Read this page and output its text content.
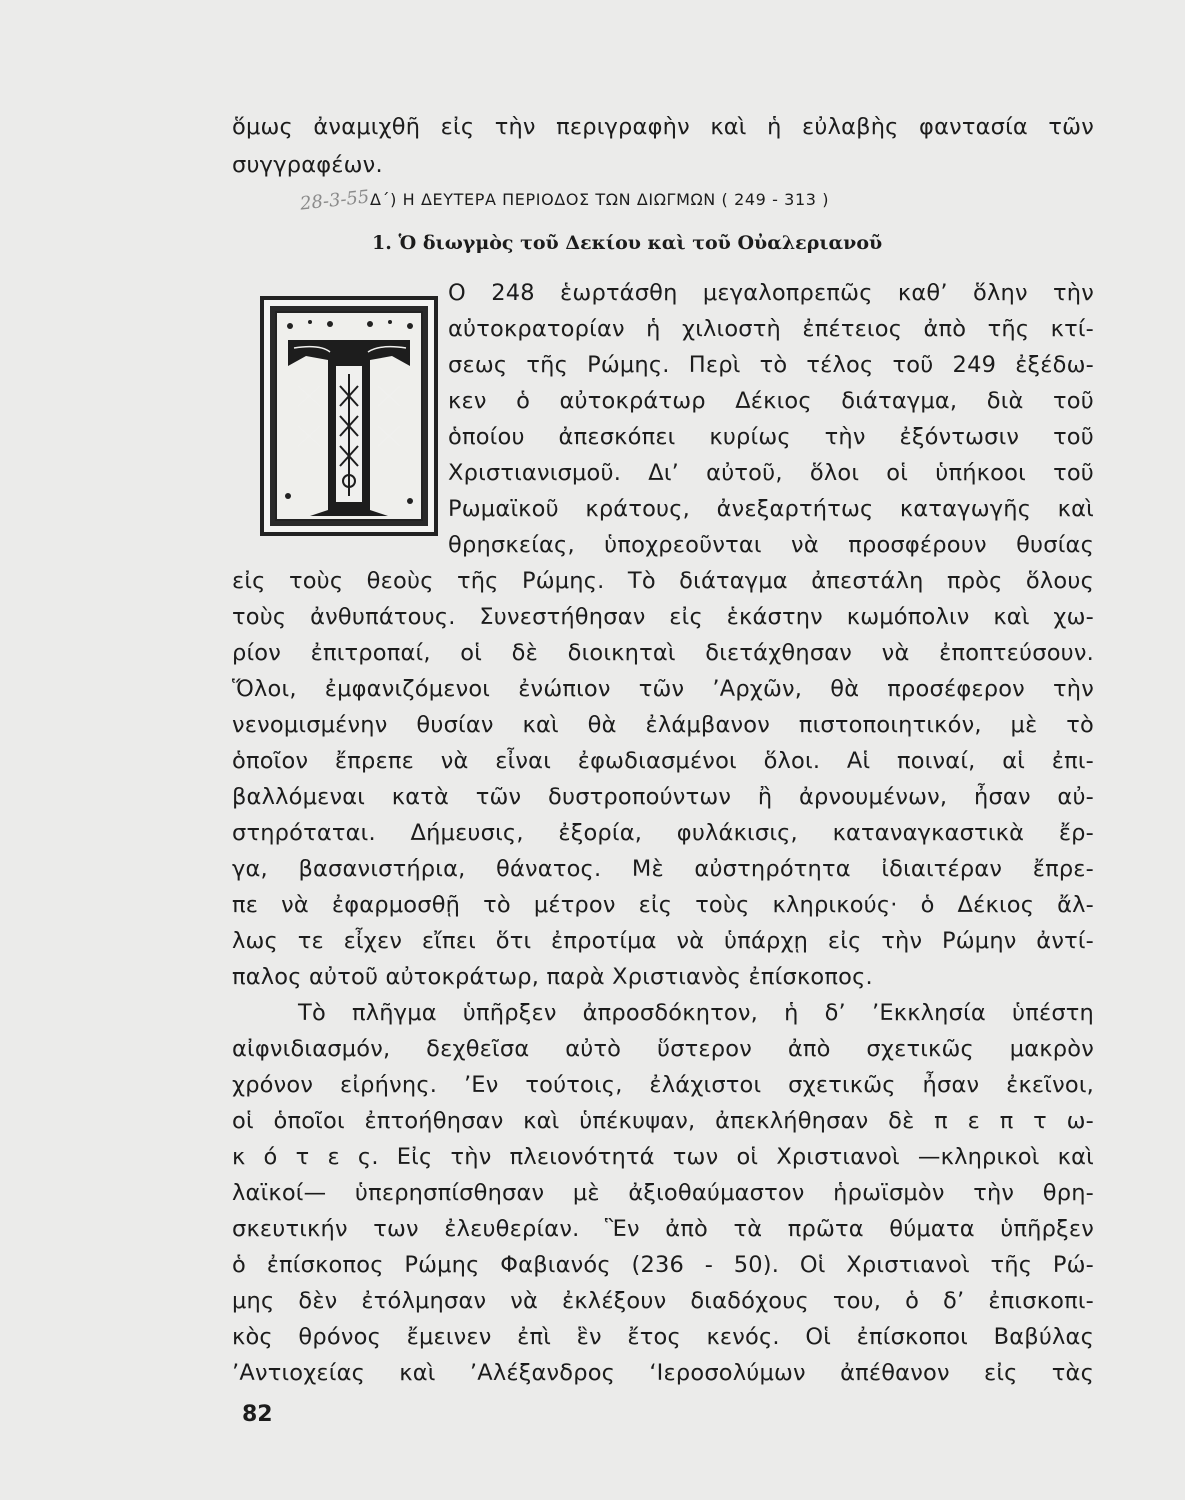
ὅμως ἀναμιχθῆ εἰς τὴν περιγραφὴν καὶ ἡ εὐλαβὴς φαντασία τῶν
συγγραφέων.
28-3-55 Δ΄) Η ΔΕΥΤΕΡΑ ΠΕΡΙΟΔΟΣ ΤΩΝ ΔΙΩΓΜΩΝ ( 249 - 313 )
1. Ὁ διωγμὸς τοῦ Δεκίου καὶ τοῦ Οὐαλεριανοῦ
Ο 248 ἑωρτάσθη μεγαλοπρεπῶς καθ’ ὅλην τὴν
αὐτοκρατορίαν ἡ χιλιοστὴ ἐπέτειος ἀπὸ τῆς κτί-
σεως τῆς Ρώμης. Περὶ τὸ τέλος τοῦ 249 ἐξέδω-
κεν ὁ αὐτοκράτωρ Δέκιος διάταγμα, διὰ τοῦ
ὁποίου ἀπεσκόπει κυρίως τὴν ἐξόντωσιν τοῦ
Χριστιανισμοῦ. Δι’ αὐτοῦ, ὅλοι οἱ ὑπήκοοι τοῦ
Ρωμαϊκοῦ κράτους, ἀνεξαρτήτως καταγωγῆς καὶ
θρησκείας, ὑποχρεοῦνται νὰ προσφέρουν θυσίας
εἰς τοὺς θεοὺς τῆς Ρώμης. Τὸ διάταγμα ἀπεστάλη πρὸς ὅλους
τοὺς ἀνθυπάτους. Συνεστήθησαν εἰς ἑκάστην κωμόπολιν καὶ χω-
ρίον ἐπιτροπαί, οἱ δὲ διοικηταὶ διετάχθησαν νὰ ἐποπτεύσουν.
Ὅλοι, ἐμφανιζόμενοι ἐνώπιον τῶν ’Αρχῶν, θὰ προσέφερον τὴν
νενομισμένην θυσίαν καὶ θὰ ἐλάμβανον πιστοποιητικόν, μὲ τὸ
ὁποῖον ἔπρεπε νὰ εἶναι ἐφωδιασμένοι ὅλοι. Αἱ ποιναί, αἱ ἐπι-
βαλλόμεναι κατὰ τῶν δυστροπούντων ἢ ἀρνουμένων, ἦσαν αὐ-
στηρόταται. Δήμευσις, ἐξορία, φυλάκισις, καταναγκαστικὰ ἔρ-
γα, βασανιστήρια, θάνατος. Μὲ αὐστηρότητα ἰδιαιτέραν ἔπρε-
πε νὰ ἐφαρμοσθῇ τὸ μέτρον εἰς τοὺς κληρικούς· ὁ Δέκιος ἄλ-
λως τε εἶχεν εἴπει ὅτι ἐπροτίμα νὰ ὑπάρχῃ εἰς τὴν Ρώμην ἀντί-
παλος αὐτοῦ αὐτοκράτωρ, παρὰ Χριστιανὸς ἐπίσκοπος.
Τὸ πλῆγμα ὑπῆρξεν ἀπροσδόκητον, ἡ δ’ ’Εκκλησία ὑπέστη
αἰφνιδιασμόν, δεχθεῖσα αὐτὸ ὕστερον ἀπὸ σχετικῶς μακρὸν
χρόνον εἰρήνης. ’Εν τούτοις, ἐλάχιστοι σχετικῶς ἦσαν ἐκεῖνοι,
οἱ ὁποῖοι ἐπτοήθησαν καὶ ὑπέκυψαν, ἀπεκλήθησαν δὲ π ε π τ ω-
κ ό τ ε ς. Εἰς τὴν πλειονότητά των οἱ Χριστιανοὶ —κληρικοὶ καὶ
λαϊκοί— ὑπερησπίσθησαν μὲ ἀξιοθαύμαστον ἡρωϊσμὸν τὴν θρη-
σκευτικήν των ἐλευθερίαν. Ἓν ἀπὸ τὰ πρῶτα θύματα ὑπῆρξεν
ὁ ἐπίσκοπος Ρώμης Φαβιανός (236 - 50). Οἱ Χριστιανοὶ τῆς Ρώ-
μης δὲν ἐτόλμησαν νὰ ἐκλέξουν διαδόχους του, ὁ δ’ ἐπισκοπι-
κὸς θρόνος ἔμεινεν ἐπὶ ἓν ἔτος κενός. Οἱ ἐπίσκοποι Βαβύλας
’Αντιοχείας καὶ ’Αλέξανδρος ‘Ιεροσολύμων ἀπέθανον εἰς τὰς
82
